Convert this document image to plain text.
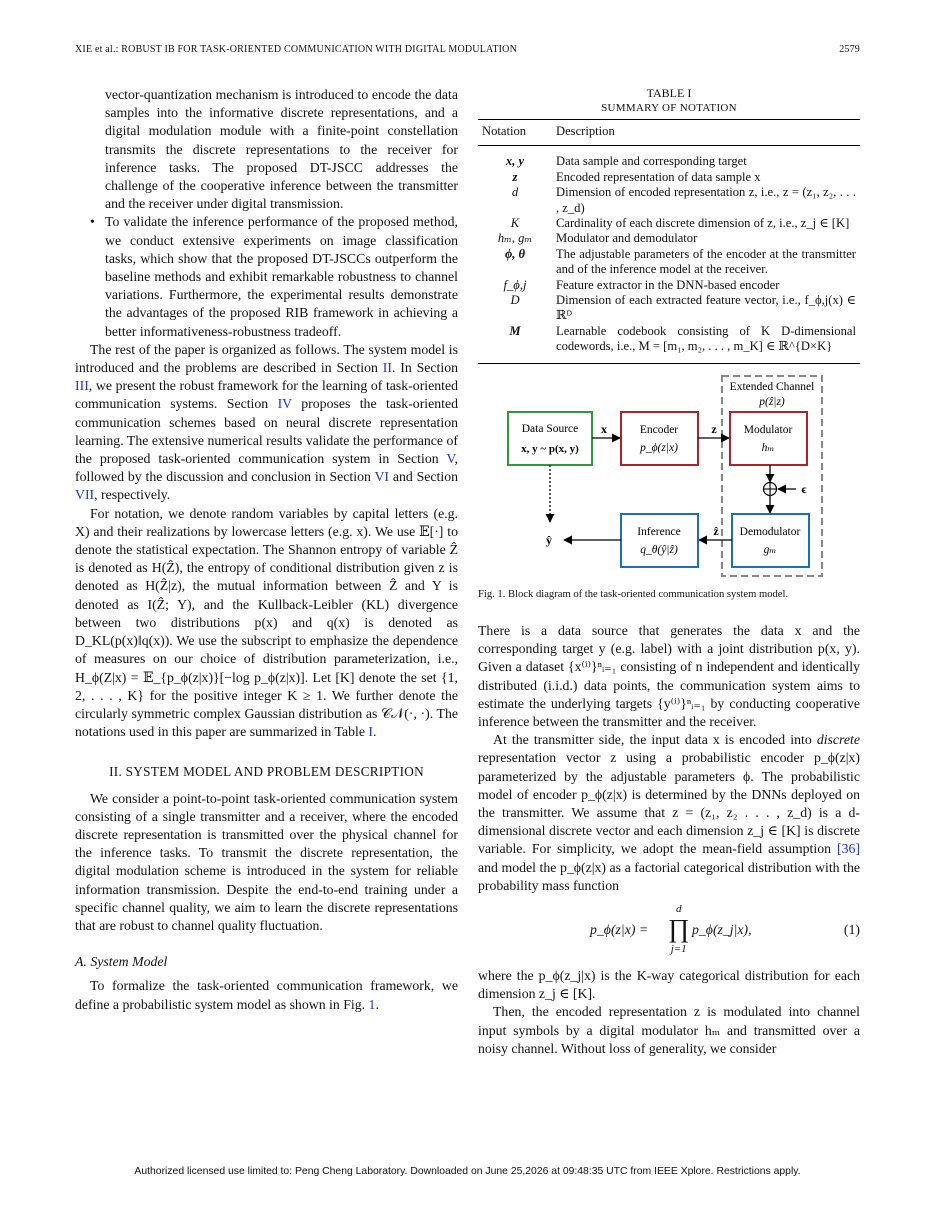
XIE et al.: ROBUST IB FOR TASK-ORIENTED COMMUNICATION WITH DIGITAL MODULATION	2579

vector-quantization mechanism is introduced to encode the data samples into the informative discrete representations, and a digital modulation module with a finite-point constellation transmits the discrete representations to the receiver for inference tasks. The proposed DT-JSCC addresses the challenge of the cooperative inference between the transmitter and the receiver under digital transmission.

• To validate the inference performance of the proposed method, we conduct extensive experiments on image classification tasks, which show that the proposed DT-JSCCs outperform the baseline methods and exhibit remarkable robustness to channel variations. Furthermore, the experimental results demonstrate the advantages of the proposed RIB framework in achieving a better informativeness-robustness tradeoff.

The rest of the paper is organized as follows. The system model is introduced and the problems are described in Section II. In Section III, we present the robust framework for the learning of task-oriented communication systems. Section IV proposes the task-oriented communication schemes based on neural discrete representation learning. The extensive numerical results validate the performance of the proposed task-oriented communication system in Section V, followed by the discussion and conclusion in Section VI and Section VII, respectively.

For notation, we denote random variables by capital letters (e.g. X) and their realizations by lowercase letters (e.g. x). We use 𝔼[·] to denote the statistical expectation. The Shannon entropy of variable Ẑ is denoted as H(Ẑ), the entropy of conditional distribution given z is denoted as H(Ẑ|z), the mutual information between Ẑ and Y is denoted as I(Ẑ; Y), and the Kullback-Leibler (KL) divergence between two distributions p(x) and q(x) is denoted as D_KL(p(x)‖q(x)). We use the subscript to emphasize the dependence of measures on our choice of distribution parameterization, i.e., H_ϕ(Z|x) = 𝔼_{p_ϕ(z|x)}[−log p_ϕ(z|x)]. Let [K] denote the set {1, 2, . . . , K} for the positive integer K ≥ 1. We further denote the circularly symmetric complex Gaussian distribution as 𝒞𝒩(·, ·). The notations used in this paper are summarized in Table I.

II. SYSTEM MODEL AND PROBLEM DESCRIPTION

We consider a point-to-point task-oriented communication system consisting of a single transmitter and a receiver, where the encoded discrete representation is transmitted over the physical channel for the inference tasks. To transmit the discrete representation, the digital modulation scheme is introduced in the system for reliable information transmission. Despite the end-to-end training under a specific channel quality, we aim to learn the discrete representations that are robust to channel quality fluctuation.

A. System Model

To formalize the task-oriented communication framework, we define a probabilistic system model as shown in Fig. 1.

TABLE I
SUMMARY OF NOTATION
Notation	Description
x, y	Data sample and corresponding target
z	Encoded representation of data sample x
d	Dimension of encoded representation z, i.e., z = (z₁, z₂, . . . , z_d)
K	Cardinality of each discrete dimension of z, i.e., z_j ∈ [K]
hₘ, gₘ	Modulator and demodulator
ϕ, θ	The adjustable parameters of the encoder at the transmitter and of the inference model at the receiver.
f_ϕ,j	Feature extractor in the DNN-based encoder
D	Dimension of each extracted feature vector, i.e., f_ϕ,j(x) ∈ ℝᴰ
M	Learnable codebook consisting of K D-dimensional codewords, i.e., M = [m₁, m₂, . . . , m_K] ∈ ℝ^{D×K}
Extended Channel
p(ẑ|z)
Data Source
x, y ~ p(x, y)
Encoder
p_ϕ(z|x)
Modulator
hₘ
Inference
q_θ(ŷ|ẑ)
Demodulator
gₘ
x	z
ϵ
ẑ
ŷ
Fig. 1. Block diagram of the task-oriented communication system model.

There is a data source that generates the data x and the corresponding target y (e.g. label) with a joint distribution p(x, y). Given a dataset {x⁽ⁱ⁾}ⁿᵢ₌₁ consisting of n independent and identically distributed (i.i.d.) data points, the communication system aims to estimate the underlying targets {y⁽ⁱ⁾}ⁿᵢ₌₁ by conducting cooperative inference between the transmitter and the receiver.

At the transmitter side, the input data x is encoded into discrete representation vector z using a probabilistic encoder p_ϕ(z|x) parameterized by the adjustable parameters ϕ. The probabilistic model of encoder p_ϕ(z|x) is determined by the DNNs deployed on the transmitter. We assume that z = (z₁, z₂ . . . , z_d) is a d-dimensional discrete vector and each dimension z_j ∈ [K] is discrete variable. For simplicity, we adopt the mean-field assumption [36] and model the p_ϕ(z|x) as a factorial categorical distribution with the probability mass function

p_ϕ(z|x) =
d
∏
j=1
p_ϕ(z_j|x),	(1)

where the p_ϕ(z_j|x) is the K-way categorical distribution for each dimension z_j ∈ [K].

Then, the encoded representation z is modulated into channel input symbols by a digital modulator hₘ and transmitted over a noisy channel. Without loss of generality, we consider

Authorized licensed use limited to: Peng Cheng Laboratory. Downloaded on June 25,2026 at 09:48:35 UTC from IEEE Xplore. Restrictions apply.
